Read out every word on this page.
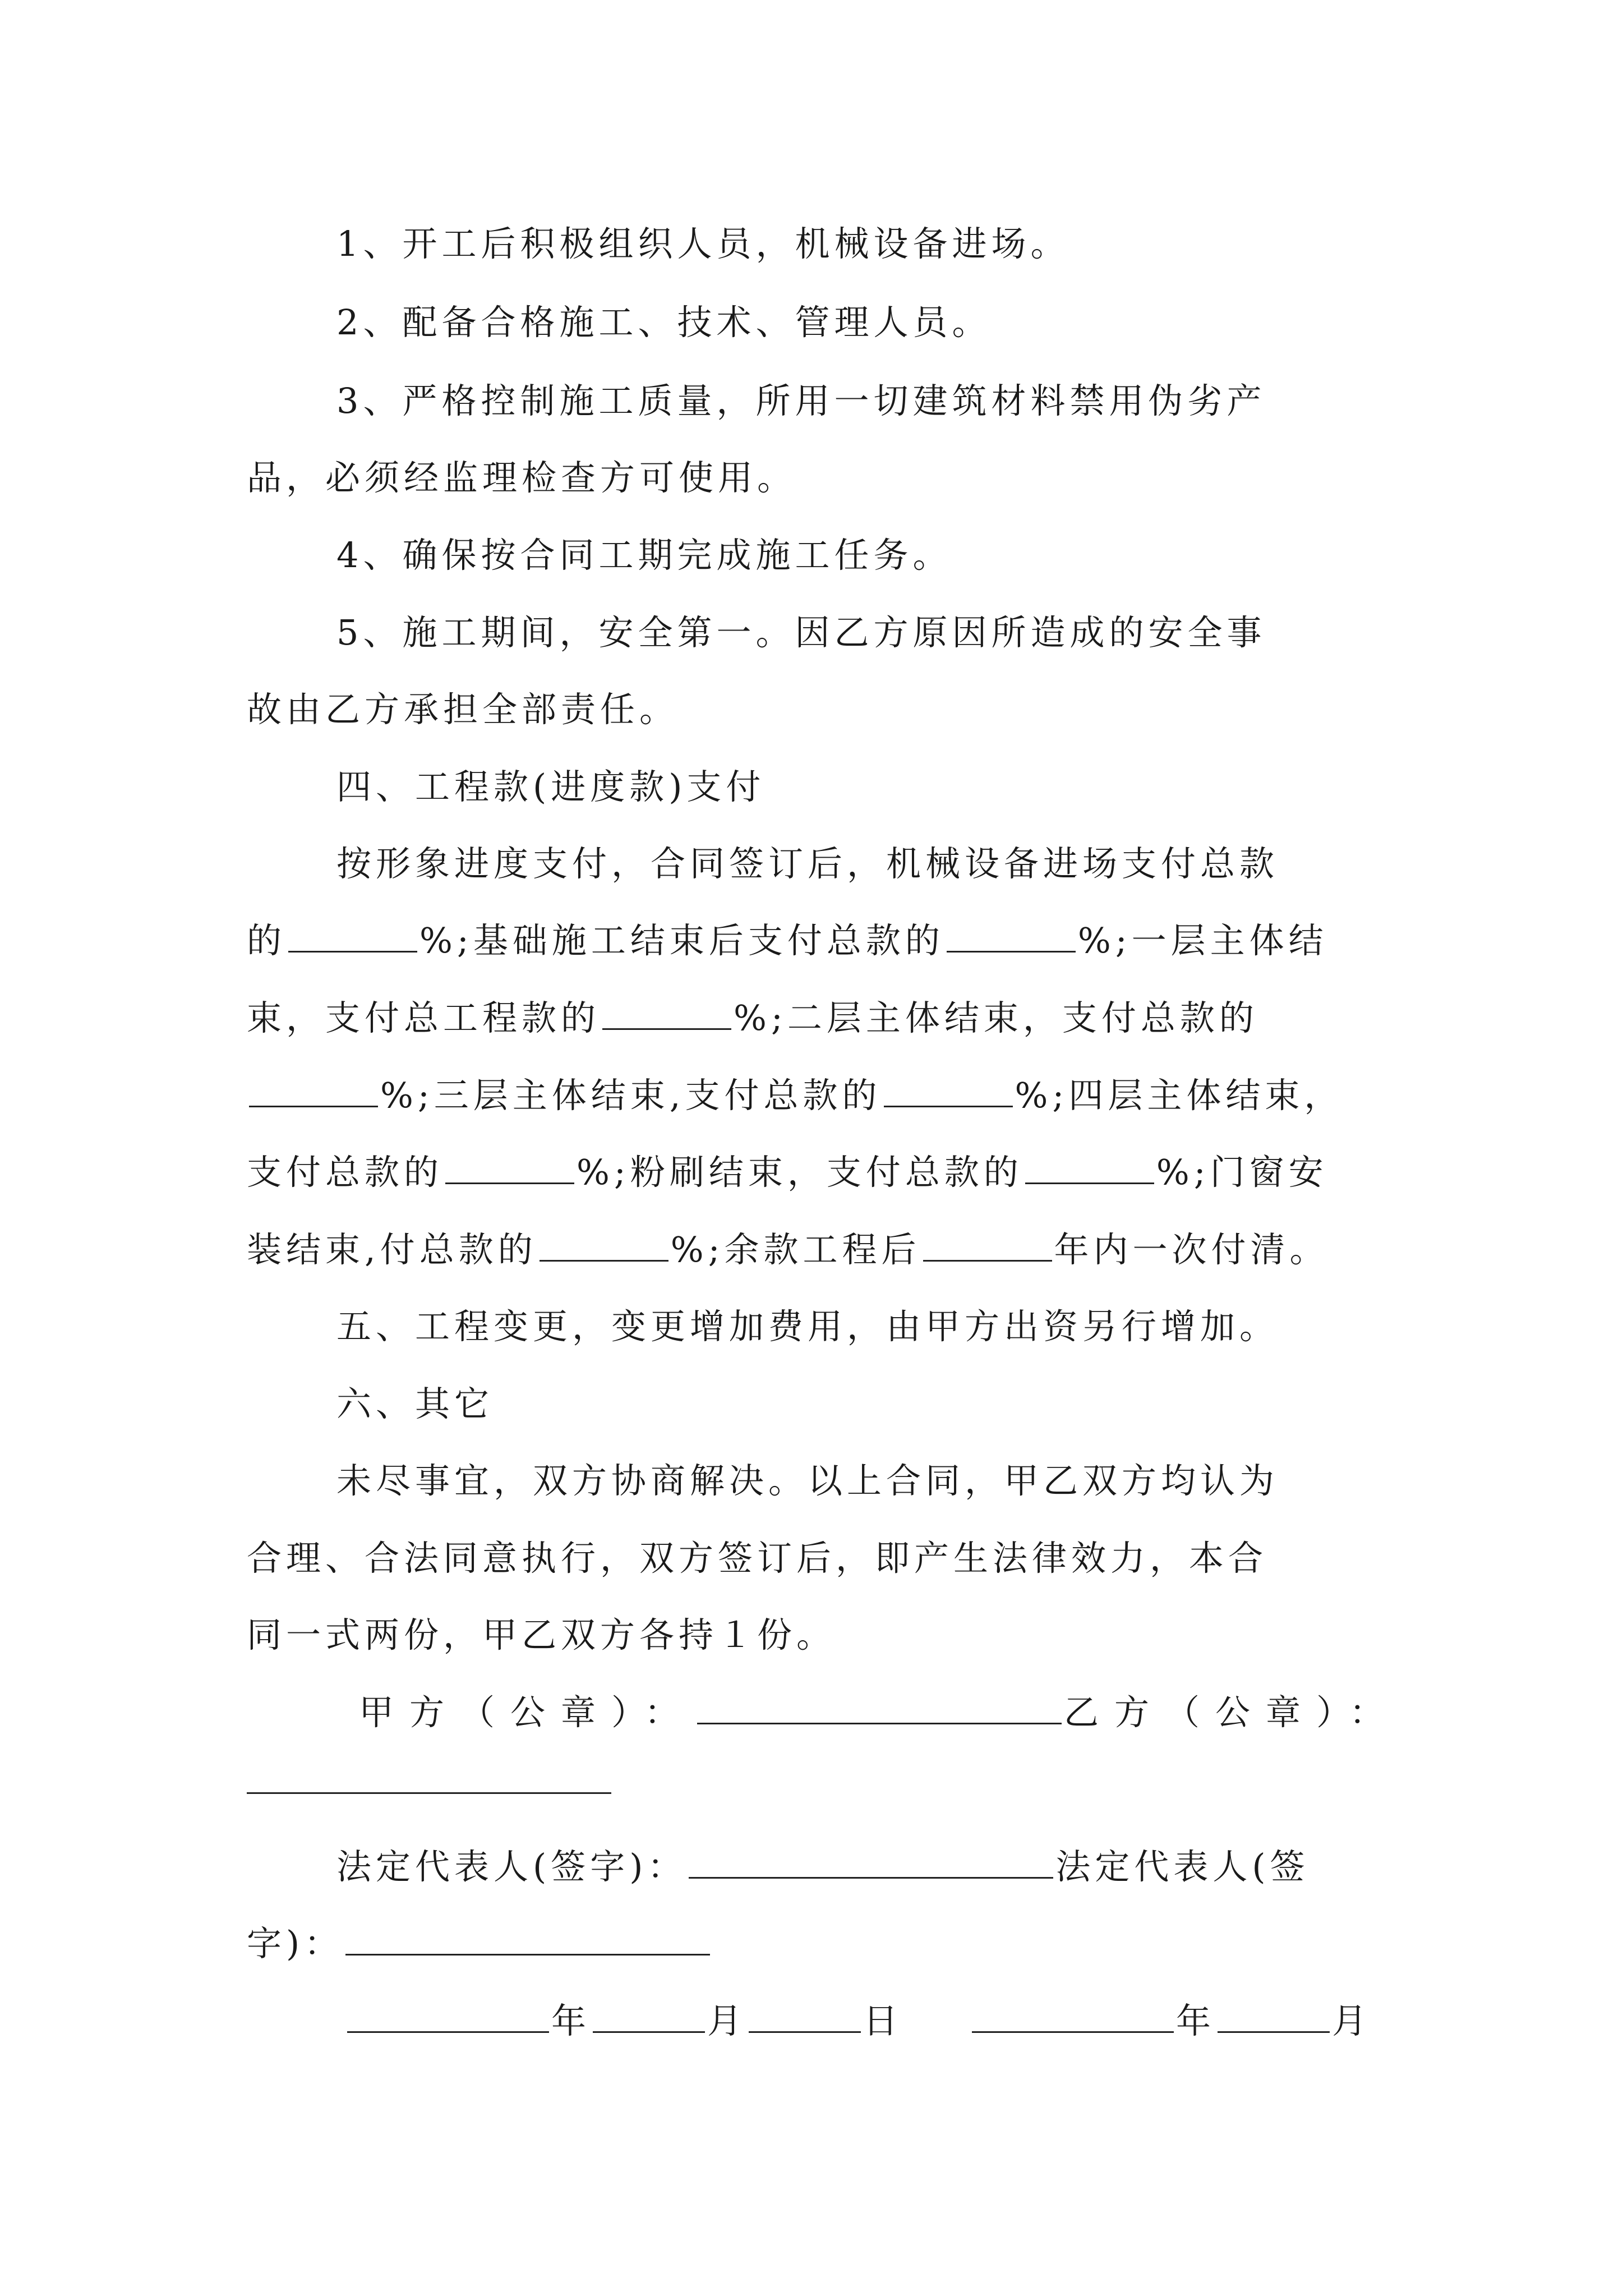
1、开工后积极组织人员，机械设备进场。
2、配备合格施工、技术、管理人员。
3、严格控制施工质量，所用一切建筑材料禁用伪劣产
品，必须经监理检查方可使用。
4、确保按合同工期完成施工任务。
5、施工期间，安全第一。因乙方原因所造成的安全事
故由乙方承担全部责任。
四、工程款(进度款)支付
按形象进度支付，合同签订后，机械设备进场支付总款
的	%;基础施工结束后支付总款的	%;一层主体结
束，支付总工程款的	%;二层主体结束，支付总款的
%;三层主体结束,支付总款的	%;四层主体结束，
支付总款的	%;粉刷结束，支付总款的	%;门窗安
装结束,付总款的	%;余款工程后	年内一次付清。
五、工程变更，变更增加费用，由甲方出资另行增加。
六、其它
未尽事宜，双方协商解决。以上合同，甲乙双方均认为
合理、合法同意执行，双方签订后，即产生法律效力，本合
同一式两份，甲乙双方各持１份。
甲方（公章）：	乙方（公章）：
法定代表人(签字)：	法定代表人(签
字)：
年	月	日	年	月
